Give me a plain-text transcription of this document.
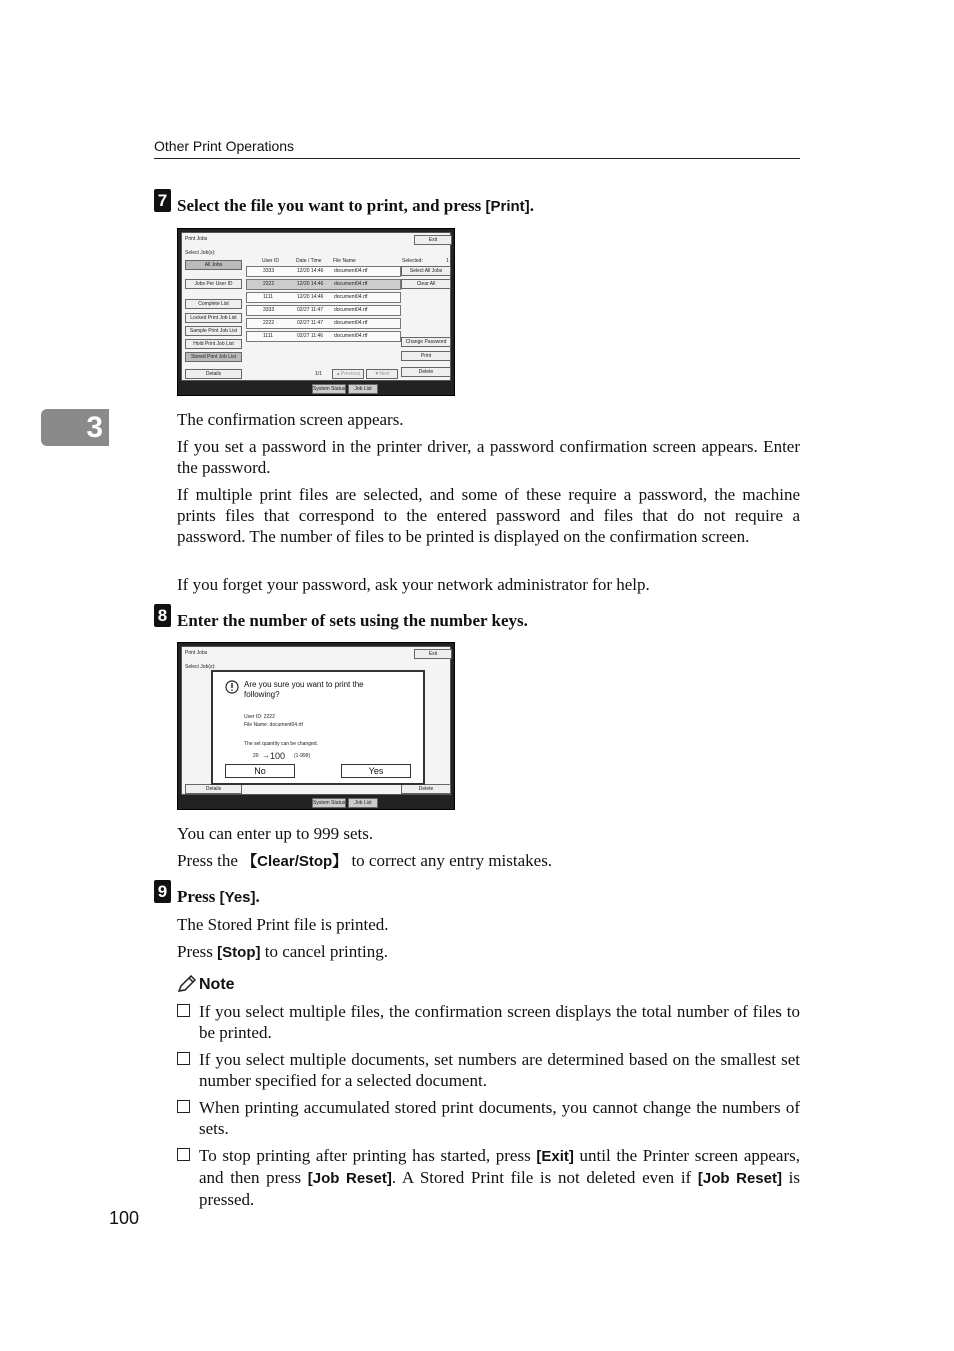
Other Print Operations
3
7 Select the file you want to print, and press [Print].
Print Jobs	Exit
Select Job(s):
All Jobs
Jobs Per User ID
Complete List
Locked Print Job List
Sample Print Job List
Hold Print Job List
Stored Print Job List
Details
User ID	Date / Time File Name	Selected:	1
3333	12/20 14:46 document04.rtf
2222	12/20 14:46 document04.rtf
1111	12/20 14:46 document04.rtf
3333	02/27 11:47 document04.rtf
2222	02/27 11:47 document04.rtf
1111	02/27 11:46 document04.rtf
Select All Jobs
Clear All
Change Password
Print
Delete
1/1	▲Previous	▼Next
System Status	Job List
The confirmation screen appears.
If you set a password in the printer driver, a password confirmation screen appears. Enter the password.
If multiple print files are selected, and some of these require a password, the machine prints files that correspond to the entered password and files that do not require a password. The number of files to be printed is displayed on the confirmation screen.
If you forget your password, ask your network administrator for help.
8 Enter the number of sets using the number keys.
Print Jobs	Exit
Select Job(s):
Details	Delete
System Status	Job List
Are you sure you want to print the following?
User ID: 2222
File Name: document04.rtf
The set quantity can be changed.
20 → 100 (1-999)
No	Yes
You can enter up to 999 sets.
Press the 【Clear/Stop】 to correct any entry mistakes.
9 Press [Yes].
The Stored Print file is printed.
Press [Stop] to cancel printing.
Note
If you select multiple files, the confirmation screen displays the total number of files to be printed.
If you select multiple documents, set numbers are determined based on the smallest set number specified for a selected document.
When printing accumulated stored print documents, you cannot change the numbers of sets.
To stop printing after printing has started, press [Exit] until the Printer screen appears, and then press [Job Reset]. A Stored Print file is not deleted even if [Job Reset] is pressed.
100
